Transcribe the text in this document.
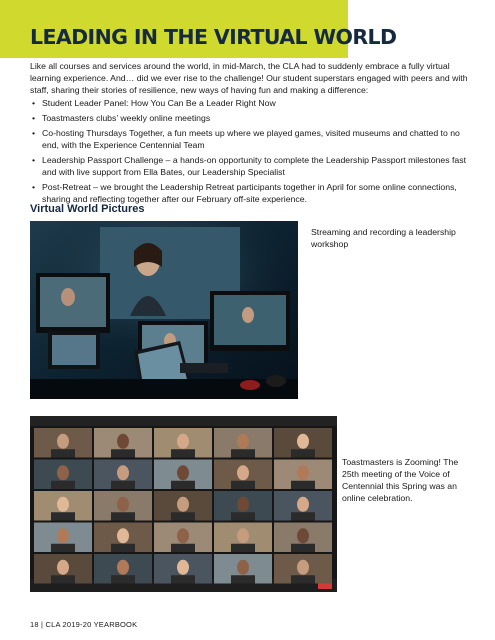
LEADING IN THE VIRTUAL WORLD

Like all courses and services around the world, in mid-March, the CLA had to suddenly embrace a fully virtual learning experience. And… did we ever rise to the challenge! Our student superstars engaged with peers and with staff, sharing their stories of resilience, new ways of having fun and making a difference:

• Student Leader Panel: How You Can Be a Leader Right Now
• Toastmasters clubs’ weekly online meetings
• Co-hosting Thursdays Together, a fun meets up where we played games, visited museums and chatted to no end, with the Experience Centennial Team
• Leadership Passport Challenge – a hands-on opportunity to complete the Leadership Passport milestones fast and with live support from Ella Bates, our Leadership Specialist
• Post-Retreat – we brought the Leadership Retreat participants together in April for some online connections, sharing and reflecting together after our February off-site experience.
Virtual World Pictures

Streaming and recording a leadership workshop

Toastmasters is Zooming! The 25th meeting of the Voice of Centennial this Spring was an online celebration.

18 | CLA 2019-20 YEARBOOK
